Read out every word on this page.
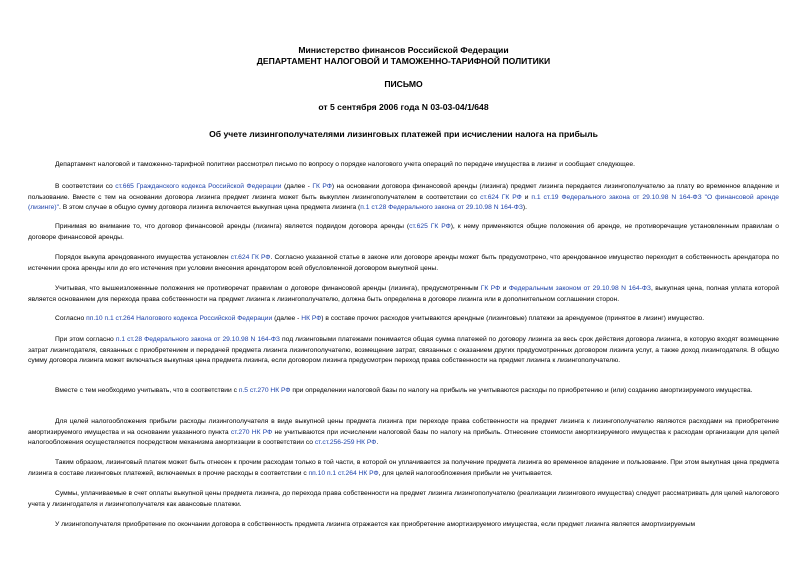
Министерство финансов Российской Федерации
ДЕПАРТАМЕНТ НАЛОГОВОЙ И ТАМОЖЕННО-ТАРИФНОЙ ПОЛИТИКИ
ПИСЬМО
от 5 сентября 2006 года N 03-03-04/1/648
Об учете лизингополучателями лизинговых платежей при исчислении налога на прибыль
Департамент налоговой и таможенно-тарифной политики рассмотрел письмо по вопросу о порядке налогового учета операций по передаче имущества в лизинг и сообщает следующее.
В соответствии со ст.665 Гражданского кодекса Российской Федерации (далее - ГК РФ) на основании договора финансовой аренды (лизинга) предмет лизинга передается лизингополучателю за плату во временное владение и пользование. Вместе с тем на основании договора лизинга предмет лизинга может быть выкуплен лизингополучателем в соответствии со ст.624 ГК РФ и п.1 ст.19 Федерального закона от 29.10.98 N 164-ФЗ "О финансовой аренде (лизинге)". В этом случае в общую сумму договора лизинга включается выкупная цена предмета лизинга (п.1 ст.28 Федерального закона от 29.10.98 N 164-ФЗ).
Принимая во внимание то, что договор финансовой аренды (лизинга) является подвидом договора аренды (ст.625 ГК РФ), к нему применяются общие положения об аренде, не противоречащие установленным правилам о договоре финансовой аренды.
Порядок выкупа арендованного имущества установлен ст.624 ГК РФ. Согласно указанной статье в законе или договоре аренды может быть предусмотрено, что арендованное имущество переходит в собственность арендатора по истечении срока аренды или до его истечения при условии внесения арендатором всей обусловленной договором выкупной цены.
Учитывая, что вышеизложенные положения не противоречат правилам о договоре финансовой аренды (лизинга), предусмотренным ГК РФ и Федеральным законом от 29.10.98 N 164-ФЗ, выкупная цена, полная уплата которой является основанием для перехода права собственности на предмет лизинга к лизингополучателю, должна быть определена в договоре лизинга или в дополнительном соглашении сторон.
Согласно пп.10 п.1 ст.264 Налогового кодекса Российской Федерации (далее - НК РФ) в составе прочих расходов учитываются арендные (лизинговые) платежи за арендуемое (принятое в лизинг) имущество.
При этом согласно п.1 ст.28 Федерального закона от 29.10.98 N 164-ФЗ под лизинговыми платежами понимается общая сумма платежей по договору лизинга за весь срок действия договора лизинга, в которую входят возмещение затрат лизингодателя, связанных с приобретением и передачей предмета лизинга лизингополучателю, возмещение затрат, связанных с оказанием других предусмотренных договором лизинга услуг, а также доход лизингодателя. В общую сумму договора лизинга может включаться выкупная цена предмета лизинга, если договором лизинга предусмотрен переход права собственности на предмет лизинга к лизингополучателю.
Вместе с тем необходимо учитывать, что в соответствии с п.5 ст.270 НК РФ при определении налоговой базы по налогу на прибыль не учитываются расходы по приобретению и (или) созданию амортизируемого имущества.
Для целей налогообложения прибыли расходы лизингополучателя в виде выкупной цены предмета лизинга при переходе права собственности на предмет лизинга к лизингополучателю являются расходами на приобретение амортизируемого имущества и на основании указанного пункта ст.270 НК РФ не учитываются при исчислении налоговой базы по налогу на прибыль. Отнесение стоимости амортизируемого имущества к расходам организации для целей налогообложения осуществляется посредством механизма амортизации в соответствии со ст.ст.256-259 НК РФ.
Таким образом, лизинговый платеж может быть отнесен к прочим расходам только в той части, в которой он уплачивается за получение предмета лизинга во временное владение и пользование. При этом выкупная цена предмета лизинга в составе лизинговых платежей, включаемых в прочие расходы в соответствии с пп.10 п.1 ст.264 НК РФ, для целей налогообложения прибыли не учитывается.
Суммы, уплачиваемые в счет оплаты выкупной цены предмета лизинга, до перехода права собственности на предмет лизинга лизингополучателю (реализации лизингового имущества) следует рассматривать для целей налогового учета у лизингодателя и лизингополучателя как авансовые платежи.
У лизингополучателя приобретение по окончании договора в собственность предмета лизинга отражается как приобретение амортизируемого имущества, если предмет лизинга является амортизируемым
